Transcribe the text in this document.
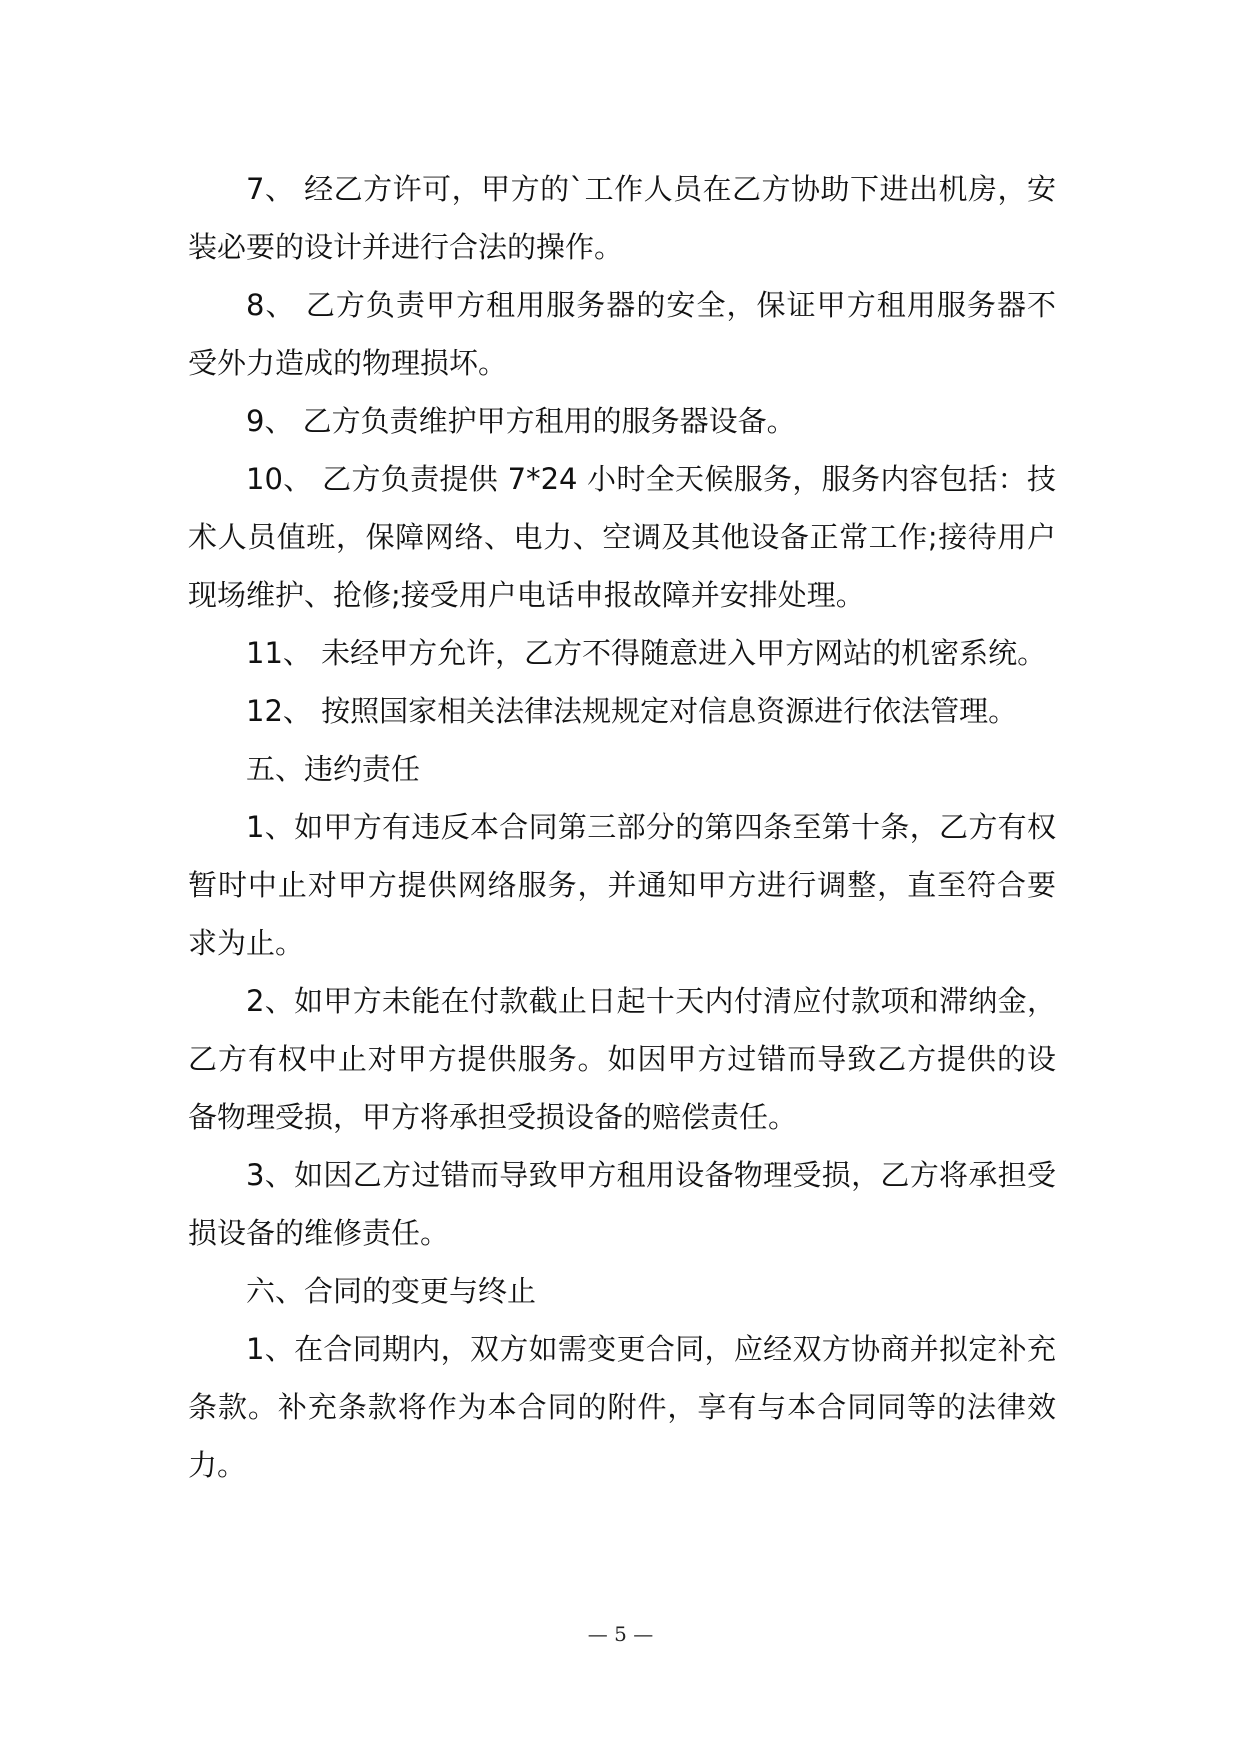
7、 经乙方许可，甲方的`工作人员在乙方协助下进出机房，安装必要的设计并进行合法的操作。

8、 乙方负责甲方租用服务器的安全，保证甲方租用服务器不受外力造成的物理损坏。

9、 乙方负责维护甲方租用的服务器设备。

10、 乙方负责提供 7*24 小时全天候服务，服务内容包括：技术人员值班，保障网络、电力、空调及其他设备正常工作;接待用户现场维护、抢修;接受用户电话申报故障并安排处理。

11、 未经甲方允许，乙方不得随意进入甲方网站的机密系统。

12、 按照国家相关法律法规规定对信息资源进行依法管理。

五、违约责任

1、如甲方有违反本合同第三部分的第四条至第十条，乙方有权暂时中止对甲方提供网络服务，并通知甲方进行调整，直至符合要求为止。

2、如甲方未能在付款截止日起十天内付清应付款项和滞纳金，乙方有权中止对甲方提供服务。如因甲方过错而导致乙方提供的设备物理受损，甲方将承担受损设备的赔偿责任。

3、如因乙方过错而导致甲方租用设备物理受损，乙方将承担受损设备的维修责任。

六、合同的变更与终止

1、在合同期内，双方如需变更合同，应经双方协商并拟定补充条款。补充条款将作为本合同的附件，享有与本合同同等的法律效力。

— 5 —
